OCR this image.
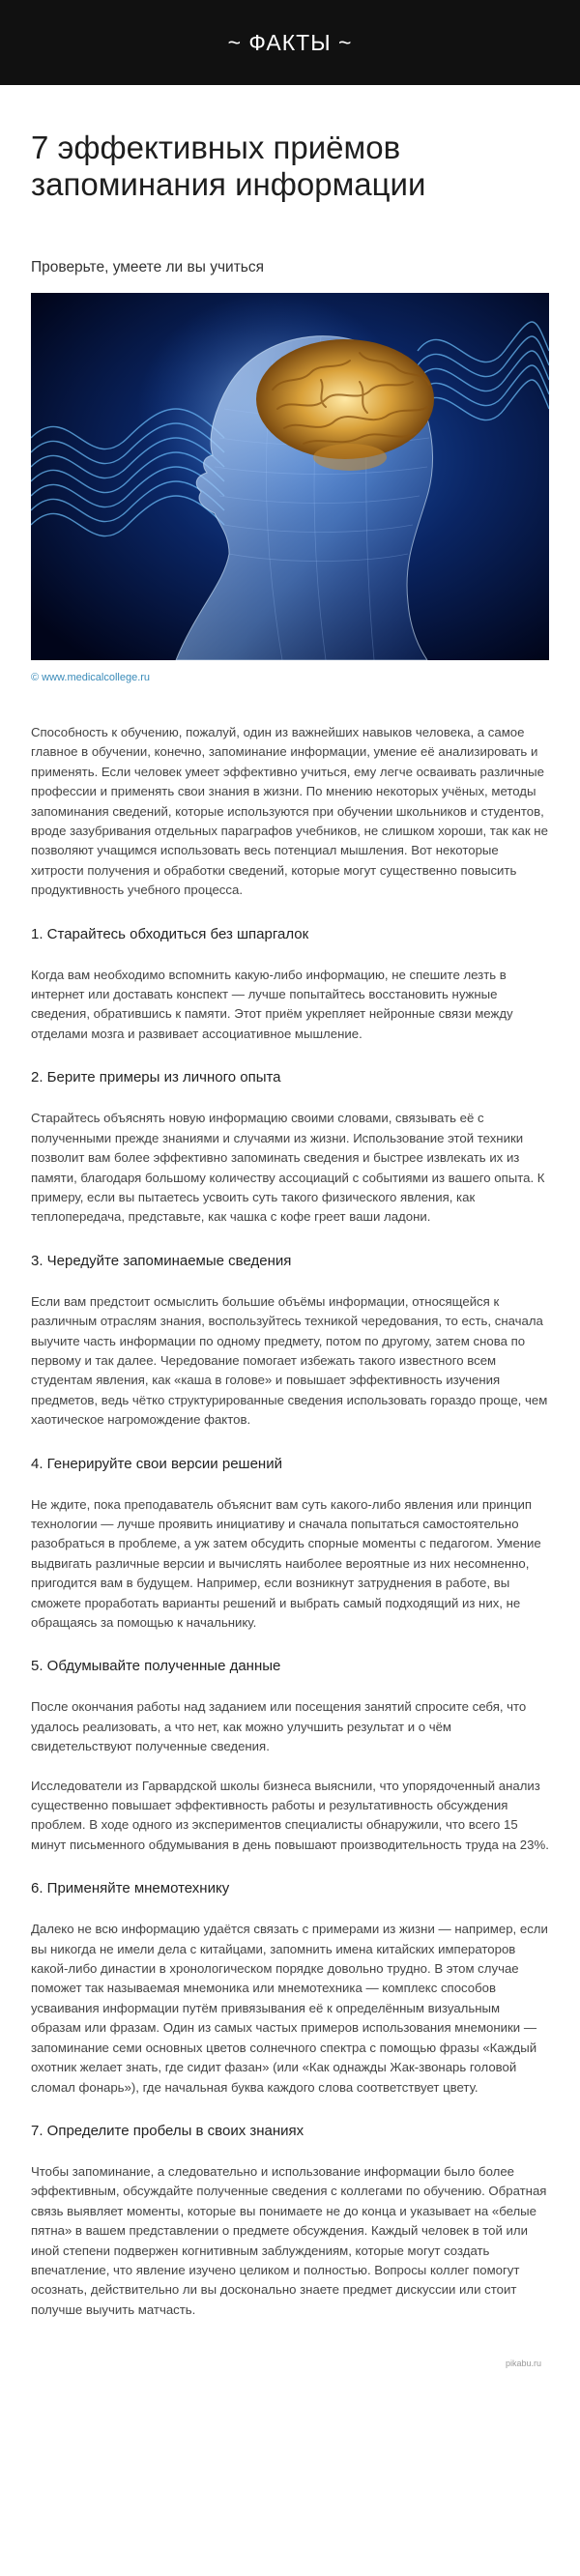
~ ФАКТЫ ~
7 эффективных приёмов запоминания информации
Проверьте, умеете ли вы учиться
© www.medicalcollege.ru

Способность к обучению, пожалуй, один из важнейших навыков человека, а самое главное в обучении, конечно, запоминание информации, умение её анализировать и применять. Если человек умеет эффективно учиться, ему легче осваивать различные профессии и применять свои знания в жизни. По мнению некоторых учёных, методы запоминания сведений, которые используются при обучении школьников и студентов, вроде зазубривания отдельных параграфов учебников, не слишком хороши, так как не позволяют учащимся использовать весь потенциал мышления. Вот некоторые хитрости получения и обработки сведений, которые могут существенно повысить продуктивность учебного процесса.

1. Старайтесь обходиться без шпаргалок

Когда вам необходимо вспомнить какую-либо информацию, не спешите лезть в интернет или доставать конспект — лучше попытайтесь восстановить нужные сведения, обратившись к памяти. Этот приём укрепляет нейронные связи между отделами мозга и развивает ассоциативное мышление.

2. Берите примеры из личного опыта

Старайтесь объяснять новую информацию своими словами, связывать её с полученными прежде знаниями и случаями из жизни. Использование этой техники позволит вам более эффективно запоминать сведения и быстрее извлекать их из памяти, благодаря большому количеству ассоциаций с событиями из вашего опыта. К примеру, если вы пытаетесь усвоить суть такого физического явления, как теплопередача, представьте, как чашка с кофе греет ваши ладони.

3. Чередуйте запоминаемые сведения

Если вам предстоит осмыслить большие объёмы информации, относящейся к различным отраслям знания, воспользуйтесь техникой чередования, то есть, сначала выучите часть информации по одному предмету, потом по другому, затем снова по первому и так далее. Чередование помогает избежать такого известного всем студентам явления, как «каша в голове» и повышает эффективность изучения предметов, ведь чётко структурированные сведения использовать гораздо проще, чем хаотическое нагромождение фактов.

4. Генерируйте свои версии решений

Не ждите, пока преподаватель объяснит вам суть какого-либо явления или принцип технологии — лучше проявить инициативу и сначала попытаться самостоятельно разобраться в проблеме, а уж затем обсудить спорные моменты с педагогом. Умение выдвигать различные версии и вычислять наиболее вероятные из них несомненно, пригодится вам в будущем. Например, если возникнут затруднения в работе, вы сможете проработать варианты решений и выбрать самый подходящий из них, не обращаясь за помощью к начальнику.

5. Обдумывайте полученные данные

После окончания работы над заданием или посещения занятий спросите себя, что удалось реализовать, а что нет, как можно улучшить результат и о чём свидетельствуют полученные сведения.

Исследователи из Гарвардской школы бизнеса выяснили, что упорядоченный анализ существенно повышает эффективность работы и результативность обсуждения проблем. В ходе одного из экспериментов специалисты обнаружили, что всего 15 минут письменного обдумывания в день повышают производительность труда на 23%.

6. Применяйте мнемотехнику

Далеко не всю информацию удаётся связать с примерами из жизни — например, если вы никогда не имели дела с китайцами, запомнить имена китайских императоров какой-либо династии в хронологическом порядке довольно трудно. В этом случае поможет так называемая мнемоника или мнемотехника — комплекс способов усваивания информации путём привязывания её к определённым визуальным образам или фразам. Один из самых частых примеров использования мнемоники — запоминание семи основных цветов солнечного спектра с помощью фразы «Каждый охотник желает знать, где сидит фазан» (или «Как однажды Жак-звонарь головой сломал фонарь»), где начальная буква каждого слова соответствует цвету.

7. Определите пробелы в своих знаниях

Чтобы запоминание, а следовательно и использование информации было более эффективным, обсуждайте полученные сведения с коллегами по обучению. Обратная связь выявляет моменты, которые вы понимаете не до конца и указывает на «белые пятна» в вашем представлении о предмете обсуждения. Каждый человек в той или иной степени подвержен когнитивным заблуждениям, которые могут создать впечатление, что явление изучено целиком и полностью. Вопросы коллег помогут осознать, действительно ли вы досконально знаете предмет дискуссии или стоит получше выучить матчасть.

pikabu.ru
